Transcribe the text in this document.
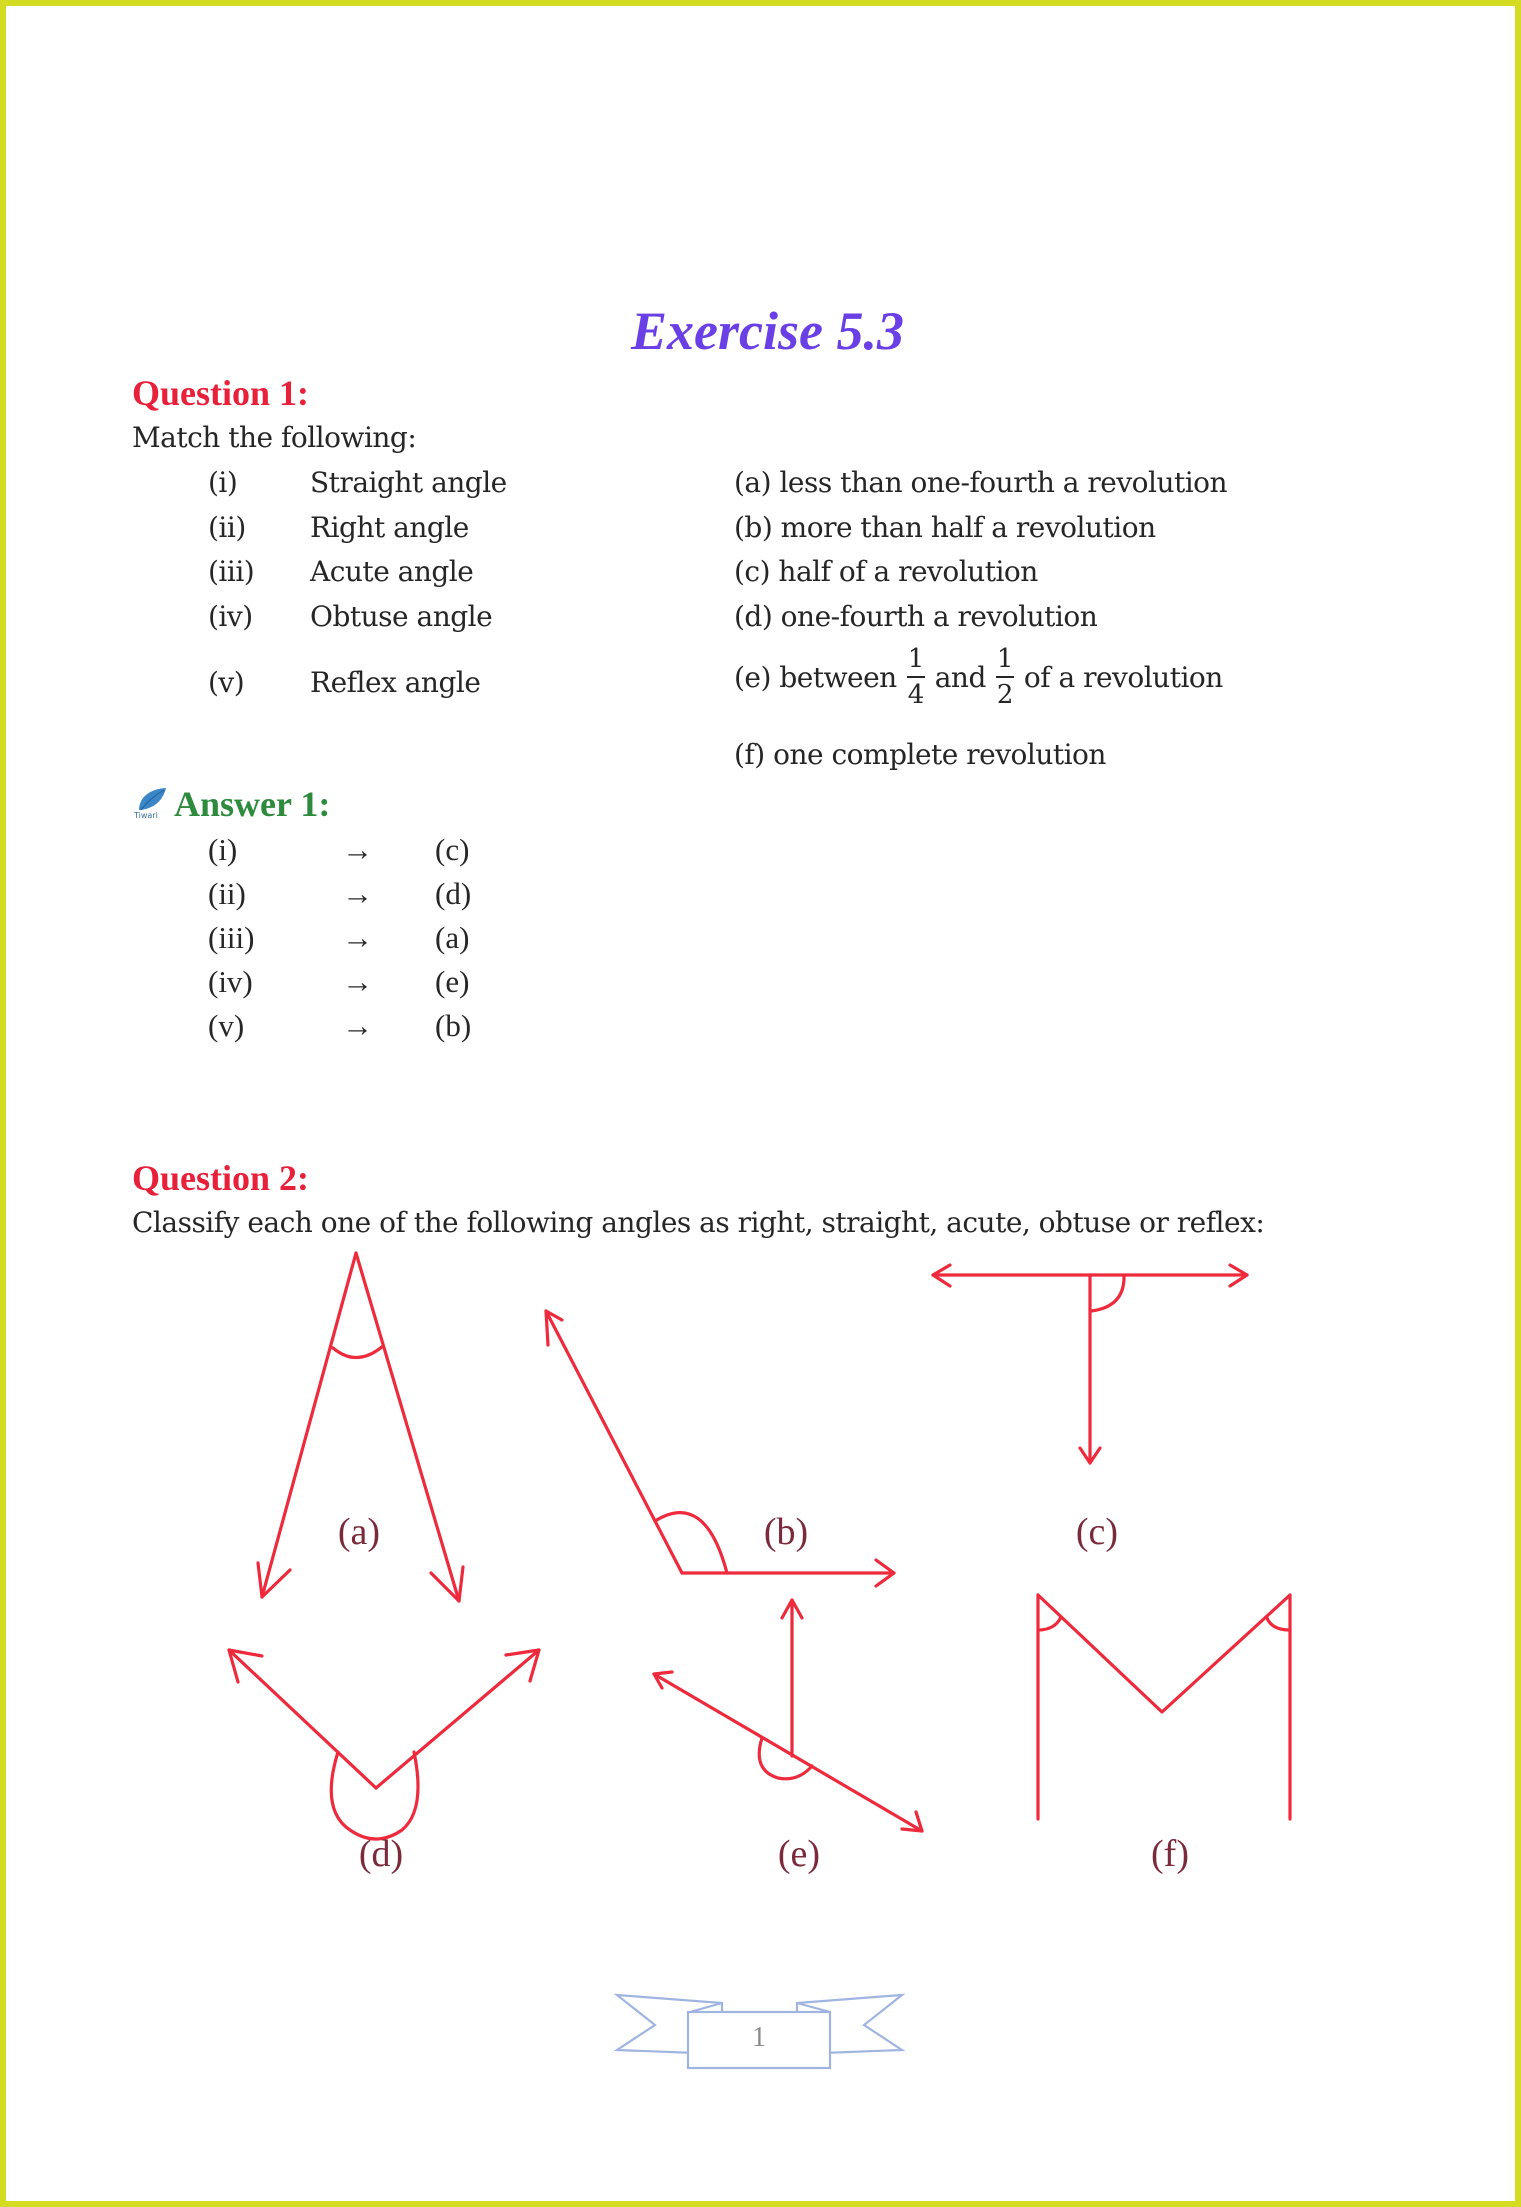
Exercise 5.3
Question 1:
Match the following:
(i)	Straight angle
(ii) Right angle
(iii) Acute angle
(iv) Obtuse angle
(v) Reflex angle
(a) less than one-fourth a revolution
(b) more than half a revolution
(c) half of a revolution
(d) one-fourth a revolution
(e) between $\frac{1}{4}$ and $\frac{1}{2}$ of a revolution
(f) one complete revolution
Tiwari Answer 1:
(i)	→ (c)
(ii)	→ (d)
(iii)	→ (a)
(iv)	→ (e)
(v)	→ (b)
Question 2:
Classify each one of the following angles as right, straight, acute, obtuse or reflex:
(a)	(b)	(c)
(d)	(e)	(f)
1
